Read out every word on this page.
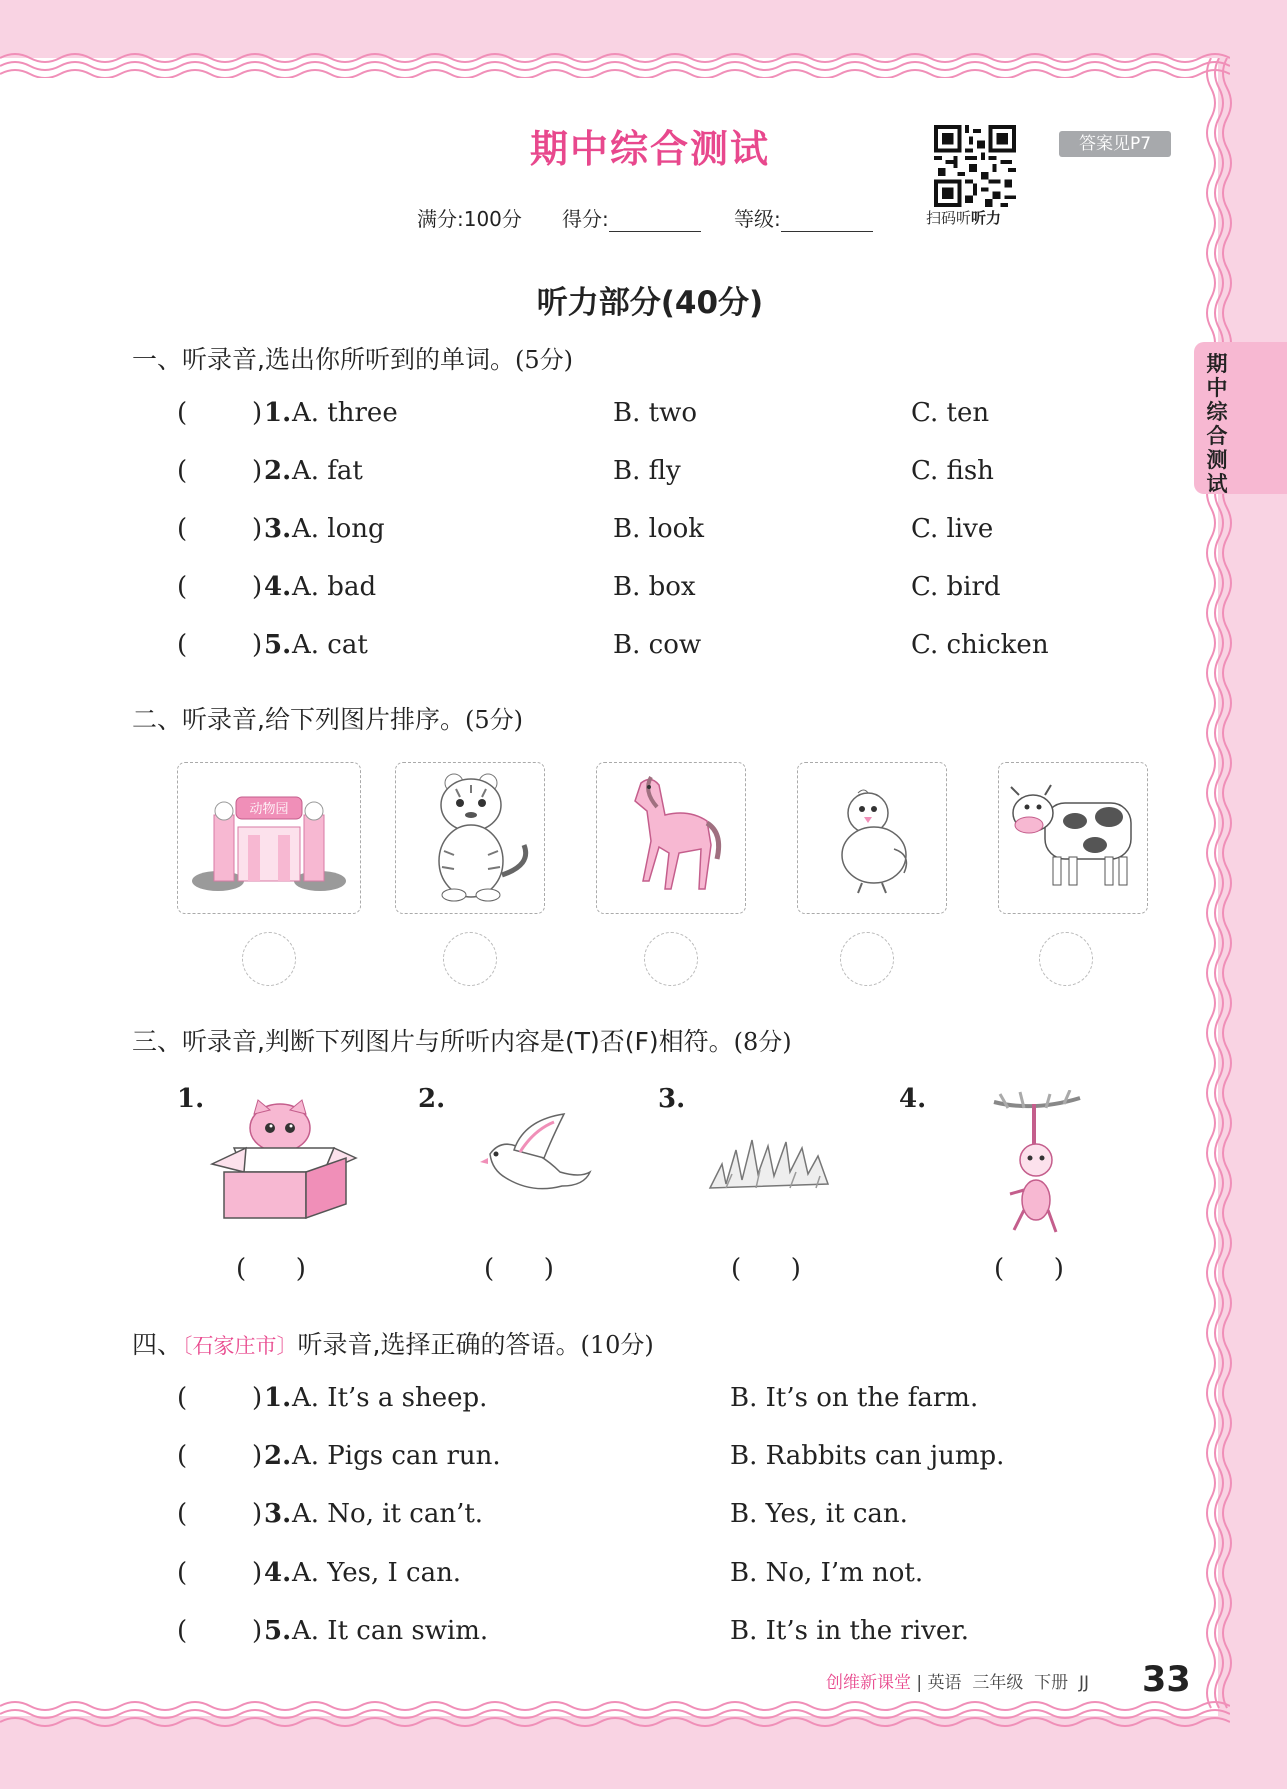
期中综合测试
期中综合测试	答案见P7
扫码听听力
满分:100分 得分:	等级:
听力部分(40分)
一、听录音,选出你所听到的单词。(5分)
( ) 1. A. three	B. two	C. ten
( ) 2. A. fat	B. fly	C. fish
( ) 3. A. long	B. look	C. live
( ) 4. A. bad	B. box	C. bird
( ) 5. A. cat	B. cow	C. chicken
二、听录音,给下列图片排序。(5分)
动物园
三、听录音,判断下列图片与所听内容是(T)否(F)相符。(8分)
1.	2.	3.	4.
( )	( )	( )	( )
四、〔石家庄市〕听录音,选择正确的答语。(10分)
( ) 1. A. It’s a sheep.	B. It’s on the farm.
( ) 2. A. Pigs can run.	B. Rabbits can jump.
( ) 3. A. No, it can’t.	B. Yes, it can.
( ) 4. A. Yes, I can.	B. No, I’m not.
( ) 5. A. It can swim.	B. It’s in the river.
创维新课堂 | 英语  三年级  下册  JJ 33
